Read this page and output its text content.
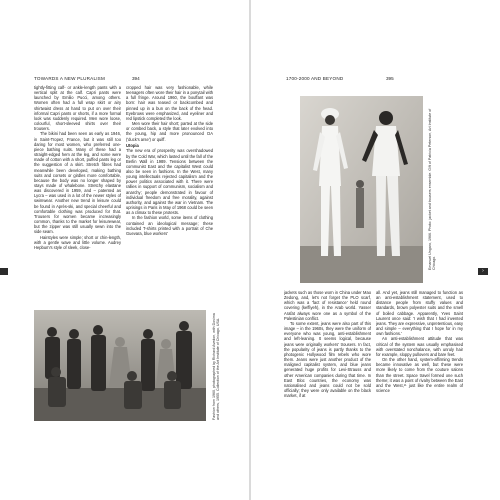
TOWARDS A NEW PLURALISM	394

tightly-fitting calf- or ankle-length pants with a vertical split at the calf. Capri pants were launched by Emilio Pucci, among others. Women often had a full wrap skirt or airy shirtwaist dress at hand to put on over their informal Capri pants or shorts, if a more formal look was suddenly required. Men wore loose, colourful, short-sleeved shirts over their trousers.

The bikini had been seen as early as 1946, in Saint-Tropez, France, but it was still too daring for most women, who preferred one-piece bathing suits. Many of these had a straight-edged hem at the leg, and some were made of cotton with a short, puffed pants leg or the suggestion of a skirt. Stretch fibres had meanwhile been developed, making bathing suits and corsets or girdles more comfortable, because the body was no longer shaped by stays made of whalebone. Stretchy elastane was discovered in 1959, and – patented as Lycra – was used in a lot of the newer styles of swimwear. Another new trend in leisure could be found in Après-ski, and special cheerful and comfortable clothing was produced for that. Trousers for women became increasingly common, thanks to the market for leisurewear, but the zipper was still usually sewn into the side seam.

Hairstyles were simple; short or chin-length, with a gentle wave and little volume. Audrey Hepburn's style of sleek, close-

cropped hair was very fashionable, while teenagers often wore their hair in a ponytail with a full fringe. Around 1960, the bouffant was born: hair was teased or backcombed and pinned up in a bun on the back of the head. Eyebrows were emphasized, and eyeliner and red lipstick completed the look.

Men wore their hair short; parted at the side or combed back, a style that later evolved into the young, hip and more pronounced DA ('duck's arse') or quiff.

Utopia

The new era of prosperity was overshadowed by the Cold War, which lasted until the fall of the Berlin Wall in 1989. Tensions between the communist East and the capitalist West could also be seen in fashions. In the West, many young intellectuals rejected capitalism and the power politics associated with it. There were rallies in support of communism, socialism and anarchy; people demonstrated in favour of individual freedom and free morality, against authority, and against the war in Vietnam. The uprisings in Paris in May of 1968 could be seen as a climax to these protests.

In the fashion world, some items of clothing contained an ideological message; these included T-shirts printed with a portrait of Che Guevara, blue workers'

Fashion from 1960, photographed by Richard Avedon, with Dovima and others, 1955. Collection of the Art Institute of Chicago, USA.
1700-2000 AND BEYOND	395
Emanuel Ungaro, 1966. Photo: jacket and trousers ensemble. Gift of Patricia Peterson, Art Institute of Chicago.
›

jackets such as those worn in China under Mao Zedong, and, let's not forget the PLO scarf, which was a 'fact of resistance' held round covering (keffiyeh), in the Arab world. Yasser Arafat always wore one as a symbol of the Palestinian conflict.

To some extent, jeans were also part of this image – in the 1960s, they were the uniform of everyone who was young, anti-establishment and left-leaning. It seems logical, because jeans were originally workers' trousers. In fact, the popularity of jeans is partly thanks to the photogenic Hollywood film rebels who wore them. Jeans were just another product of the maligned capitalist system, and blue jeans generated huge profits for Levi-Strauss and other American companies during that time. In East Bloc countries, the economy was nationalised and jeans could not be sold officially; they were only available on the black market, if at

all. And yet, jeans still managed to function as an anti-establishment statement, used to distance people from stuffy values and standards, brown polyester suits and the smell of boiled cabbage. Apparently, Yves Saint Laurent once said: 'I wish that I had invented jeans. They are expressive, unpretentious, easy and simple – everything that I hope for in my own fashions.'

An anti-establishment attitude that was critical of the system was usually emphasised with overstated nonchalance, with unruly hair for example, sloppy pullovers and bare feet.

On the other hand, system-affirming trends became innovative as well, but these were more likely to come from the couture salons than the street. Space travel formed one such theme; it was a point of rivalry between the East and the West,¹¹ just like the entire realm of science
